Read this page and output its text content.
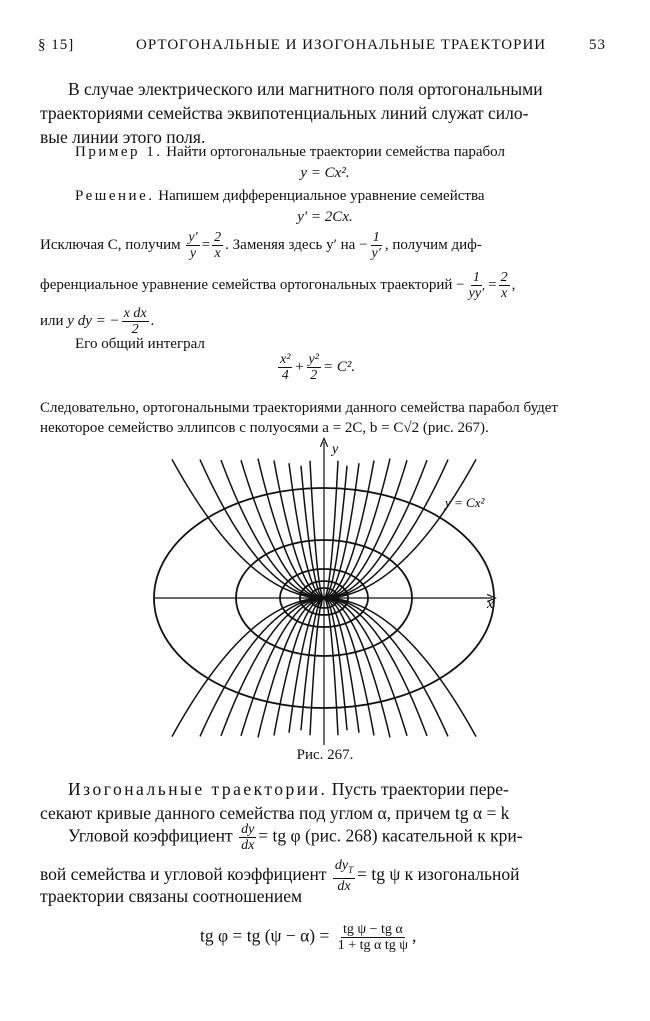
§ 15]	ОРТОГОНАЛЬНЫЕ И ИЗОГОНАЛЬНЫЕ ТРАЕКТОРИИ	53
В случае электрического или магнитного поля ортогональными
траекториями семейства эквипотенциальных линий служат сило-
вые линии этого поля.
Пример 1. Найти ортогональные траектории семейства парабол
y = Cx².
Решение. Напишем дифференциальное уравнение семейства
y′ = 2Cx.
Исключая C, получим $\frac{y'}{y} = \frac{2}{x}$ . Заменяя здесь y′ на − $\frac{1}{y'}$ , получим диф-
ференциальное уравнение семейства ортогональных траекторий − $\frac{1}{yy'} = \frac{2}{x}$ ,
или y dy = − $\frac{\text{x dx}}{2}$ .
Его общий интеграл
$\frac{\text{x²}}{4} + \frac{\text{y²}}{2} = C^2$.
Следовательно, ортогональными траекториями данного семейства парабол будет
некоторое семейство эллипсов с полуосями a = 2C, b = C√2 (рис. 267).
y
x
0
y = Cx²
Рис. 267.
Изогональные траектории. Пусть траектории пере-
секают кривые данного семейства под углом α, причем tg α = k
Угловой коэффициент $\frac{dy}{dx}$ = tg φ (рис. 268) касательной к кри-
вой семейства и угловой коэффициент $\frac{dy_T}{dx}$ = tg ψ к изогональной
траектории связаны соотношением
tg φ = tg $(\psi - \alpha) = \frac{\text{tg ψ − tg α}}{\text{1 + tg α tg ψ}}$ ,
